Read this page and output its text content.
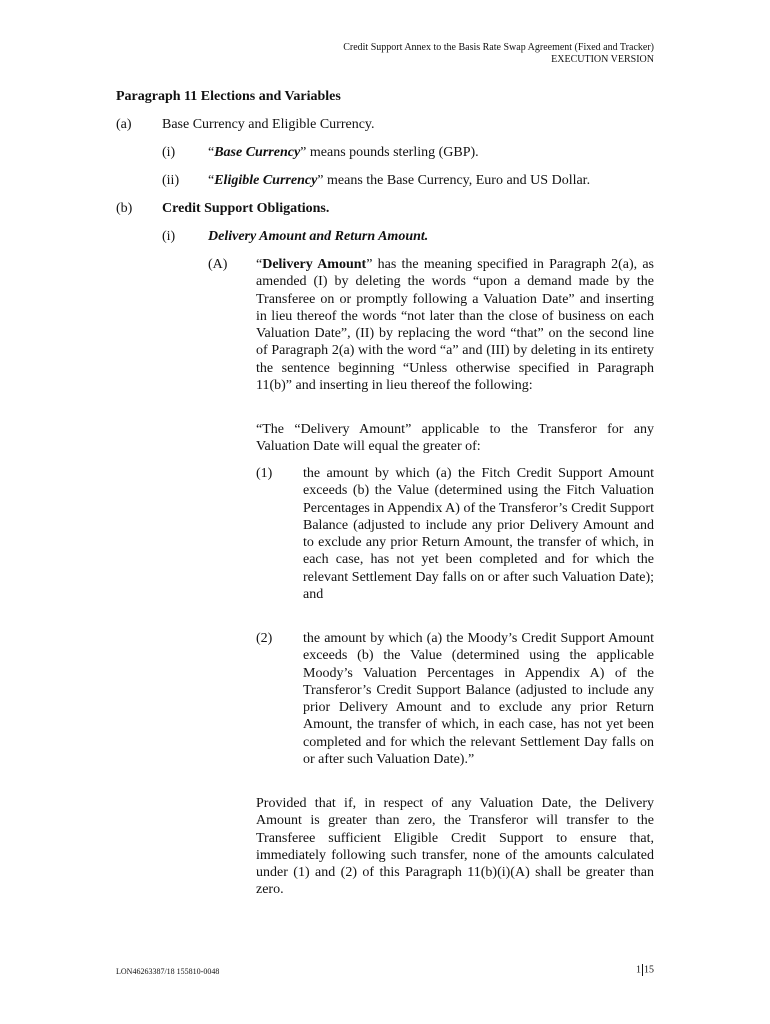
Credit Support Annex to the Basis Rate Swap Agreement (Fixed and Tracker)
EXECUTION VERSION
Paragraph 11 Elections and Variables
(a) Base Currency and Eligible Currency.
(i) “Base Currency” means pounds sterling (GBP).
(ii) “Eligible Currency” means the Base Currency, Euro and US Dollar.
(b) Credit Support Obligations.
(i) Delivery Amount and Return Amount.
(A) “Delivery Amount” has the meaning specified in Paragraph 2(a), as amended (I) by deleting the words “upon a demand made by the Transferee on or promptly following a Valuation Date” and inserting in lieu thereof the words “not later than the close of business on each Valuation Date”, (II) by replacing the word “that” on the second line of Paragraph 2(a) with the word “a” and (III) by deleting in its entirety the sentence beginning “Unless otherwise specified in Paragraph 11(b)” and inserting in lieu thereof the following:
“The “Delivery Amount” applicable to the Transferor for any Valuation Date will equal the greater of:
(1) the amount by which (a) the Fitch Credit Support Amount exceeds (b) the Value (determined using the Fitch Valuation Percentages in Appendix A) of the Transferor’s Credit Support Balance (adjusted to include any prior Delivery Amount and to exclude any prior Return Amount, the transfer of which, in each case, has not yet been completed and for which the relevant Settlement Day falls on or after such Valuation Date); and
(2) the amount by which (a) the Moody’s Credit Support Amount exceeds (b) the Value (determined using the applicable Moody’s Valuation Percentages in Appendix A) of the Transferor’s Credit Support Balance (adjusted to include any prior Delivery Amount and to exclude any prior Return Amount, the transfer of which, in each case, has not yet been completed and for which the relevant Settlement Day falls on or after such Valuation Date).”
Provided that if, in respect of any Valuation Date, the Delivery Amount is greater than zero, the Transferor will transfer to the Transferee sufficient Eligible Credit Support to ensure that, immediately following such transfer, none of the amounts calculated under (1) and (2) of this Paragraph 11(b)(i)(A) shall be greater than zero.
LON46263387/18 155810-0048	1 15
